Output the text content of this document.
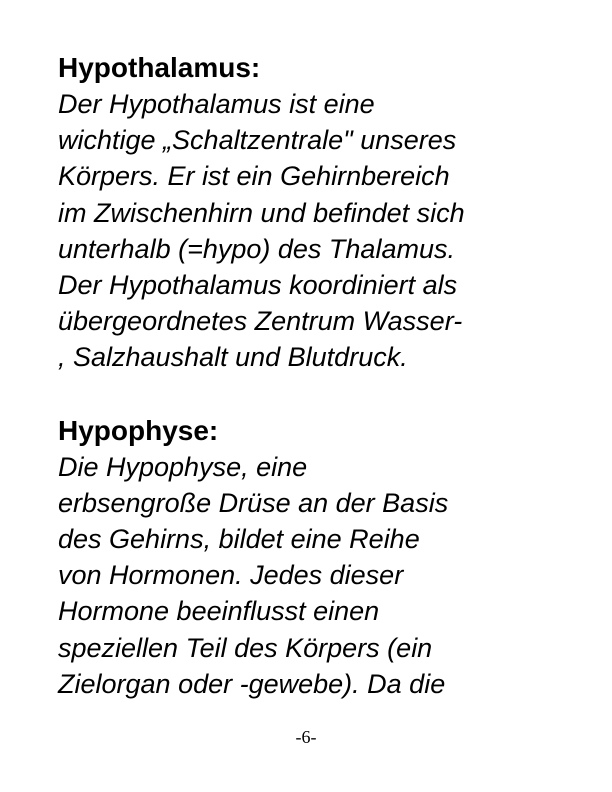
Hypothalamus:
Der Hypothalamus ist eine
wichtige „Schaltzentrale" unseres
Körpers. Er ist ein Gehirnbereich
im Zwischenhirn und befindet sich
unterhalb (=hypo) des Thalamus.
Der Hypothalamus koordiniert als
übergeordnetes Zentrum Wasser-
, Salzhaushalt und Blutdruck.
Hypophyse:
Die Hypophyse, eine
erbsengroße Drüse an der Basis
des Gehirns, bildet eine Reihe
von Hormonen. Jedes dieser
Hormone beeinflusst einen
speziellen Teil des Körpers (ein
Zielorgan oder -gewebe). Da die
-6-
